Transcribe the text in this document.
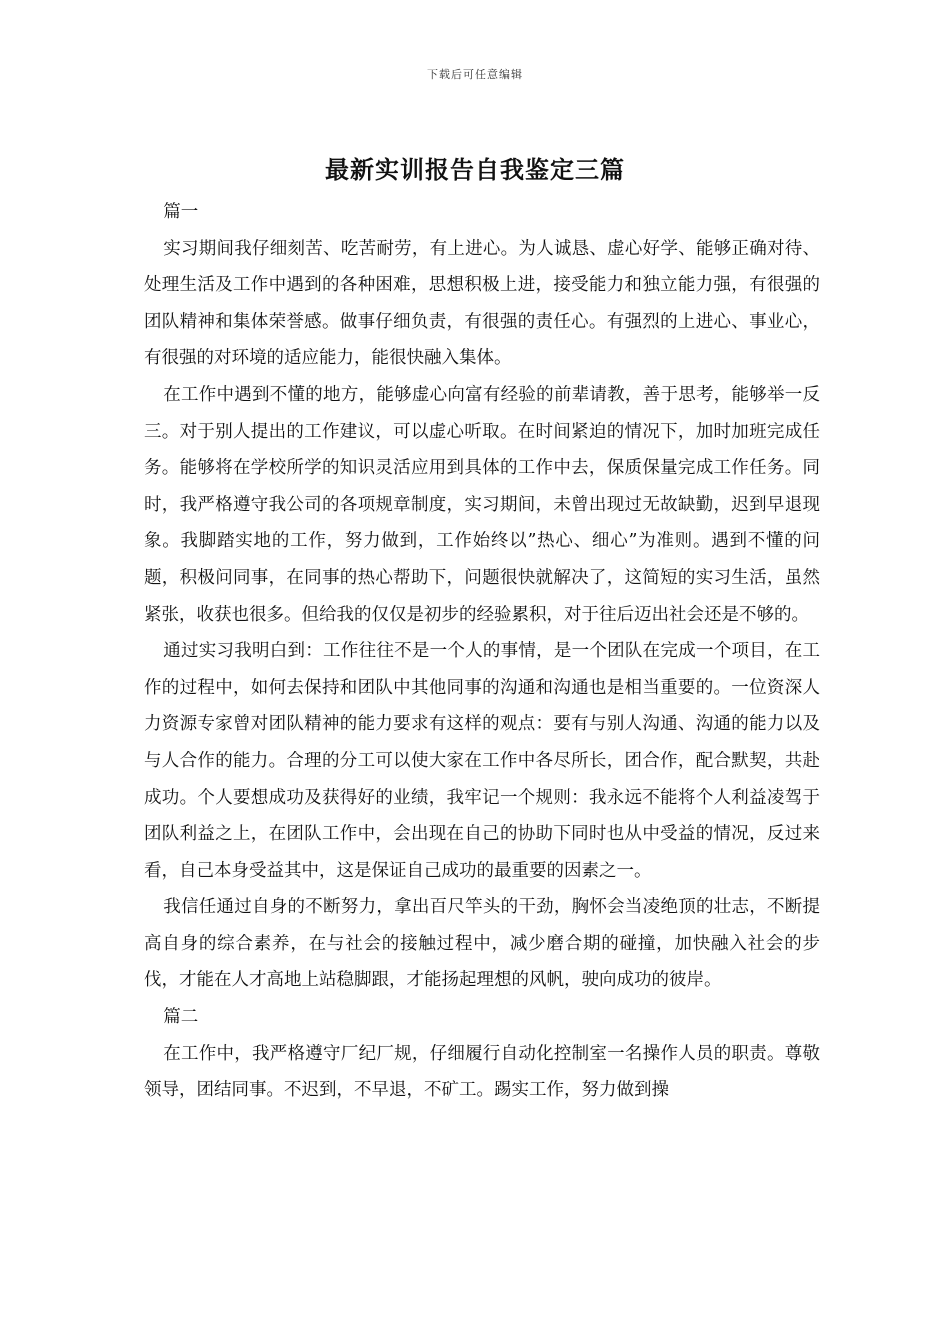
下载后可任意编辑
最新实训报告自我鉴定三篇

篇一

实习期间我仔细刻苦、吃苦耐劳，有上进心。为人诚恳、虚心好学、能够正确对待、处理生活及工作中遇到的各种困难，思想积极上进，接受能力和独立能力强，有很强的团队精神和集体荣誉感。做事仔细负责，有很强的责任心。有强烈的上进心、事业心，有很强的对环境的适应能力，能很快融入集体。

在工作中遇到不懂的地方，能够虚心向富有经验的前辈请教，善于思考，能够举一反三。对于别人提出的工作建议，可以虚心听取。在时间紧迫的情况下，加时加班完成任务。能够将在学校所学的知识灵活应用到具体的工作中去，保质保量完成工作任务。同时，我严格遵守我公司的各项规章制度，实习期间，未曾出现过无故缺勤，迟到早退现象。我脚踏实地的工作，努力做到，工作始终以”热心、细心”为准则。遇到不懂的问题，积极问同事，在同事的热心帮助下，问题很快就解决了，这简短的实习生活，虽然紧张，收获也很多。但给我的仅仅是初步的经验累积，对于往后迈出社会还是不够的。

通过实习我明白到：工作往往不是一个人的事情，是一个团队在完成一个项目，在工作的过程中，如何去保持和团队中其他同事的沟通和沟通也是相当重要的。一位资深人力资源专家曾对团队精神的能力要求有这样的观点：要有与别人沟通、沟通的能力以及与人合作的能力。合理的分工可以使大家在工作中各尽所长，团合作，配合默契，共赴成功。个人要想成功及获得好的业绩，我牢记一个规则：我永远不能将个人利益凌驾于团队利益之上，在团队工作中，会出现在自己的协助下同时也从中受益的情况，反过来看，自己本身受益其中，这是保证自己成功的最重要的因素之一。

我信任通过自身的不断努力，拿出百尺竿头的干劲，胸怀会当凌绝顶的壮志，不断提高自身的综合素养，在与社会的接触过程中，减少磨合期的碰撞，加快融入社会的步伐，才能在人才高地上站稳脚跟，才能扬起理想的风帆，驶向成功的彼岸。

篇二

在工作中，我严格遵守厂纪厂规，仔细履行自动化控制室一名操作人员的职责。尊敬领导，团结同事。不迟到，不早退，不矿工。踢实工作，努力做到操
